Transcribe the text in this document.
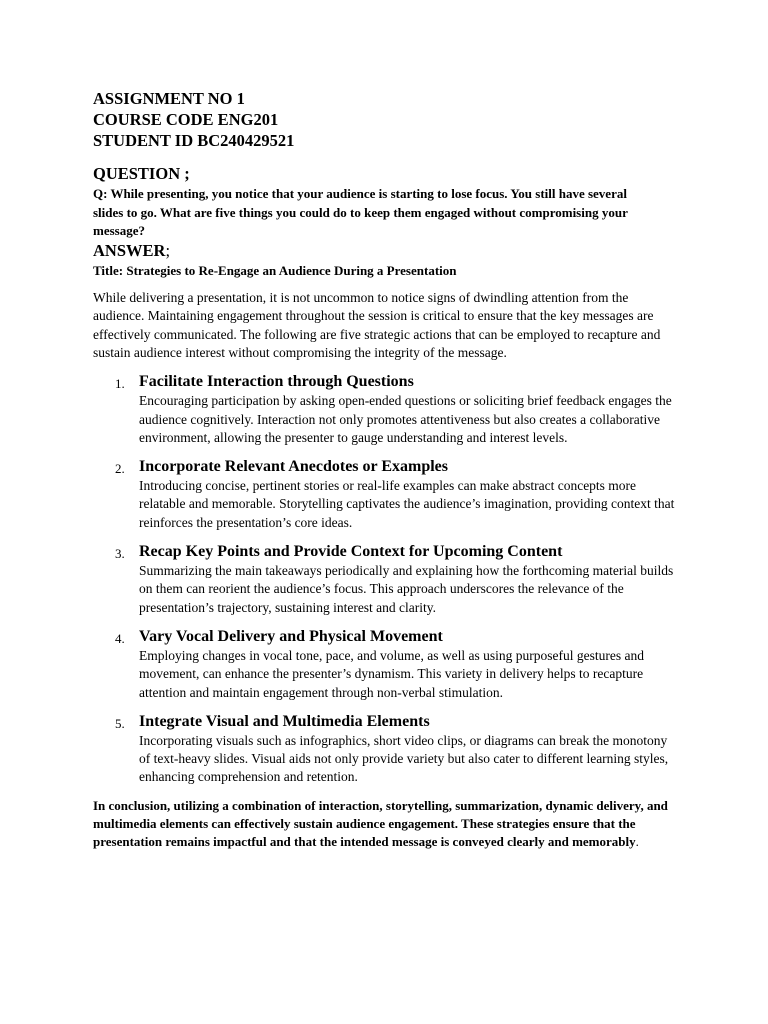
ASSIGNMENT NO 1
COURSE CODE ENG201
STUDENT ID BC240429521
QUESTION ;
Q: While presenting, you notice that your audience is starting to lose focus. You still have several slides to go. What are five things you could do to keep them engaged without compromising your message?
ANSWER;
Title: Strategies to Re-Engage an Audience During a Presentation
While delivering a presentation, it is not uncommon to notice signs of dwindling attention from the audience. Maintaining engagement throughout the session is critical to ensure that the key messages are effectively communicated. The following are five strategic actions that can be employed to recapture and sustain audience interest without compromising the integrity of the message.
1. Facilitate Interaction through Questions
Encouraging participation by asking open-ended questions or soliciting brief feedback engages the audience cognitively. Interaction not only promotes attentiveness but also creates a collaborative environment, allowing the presenter to gauge understanding and interest levels.
2. Incorporate Relevant Anecdotes or Examples
Introducing concise, pertinent stories or real-life examples can make abstract concepts more relatable and memorable. Storytelling captivates the audience’s imagination, providing context that reinforces the presentation’s core ideas.
3. Recap Key Points and Provide Context for Upcoming Content
Summarizing the main takeaways periodically and explaining how the forthcoming material builds on them can reorient the audience’s focus. This approach underscores the relevance of the presentation’s trajectory, sustaining interest and clarity.
4. Vary Vocal Delivery and Physical Movement
Employing changes in vocal tone, pace, and volume, as well as using purposeful gestures and movement, can enhance the presenter’s dynamism. This variety in delivery helps to recapture attention and maintain engagement through non-verbal stimulation.
5. Integrate Visual and Multimedia Elements
Incorporating visuals such as infographics, short video clips, or diagrams can break the monotony of text-heavy slides. Visual aids not only provide variety but also cater to different learning styles, enhancing comprehension and retention.
In conclusion, utilizing a combination of interaction, storytelling, summarization, dynamic delivery, and multimedia elements can effectively sustain audience engagement. These strategies ensure that the presentation remains impactful and that the intended message is conveyed clearly and memorably.
